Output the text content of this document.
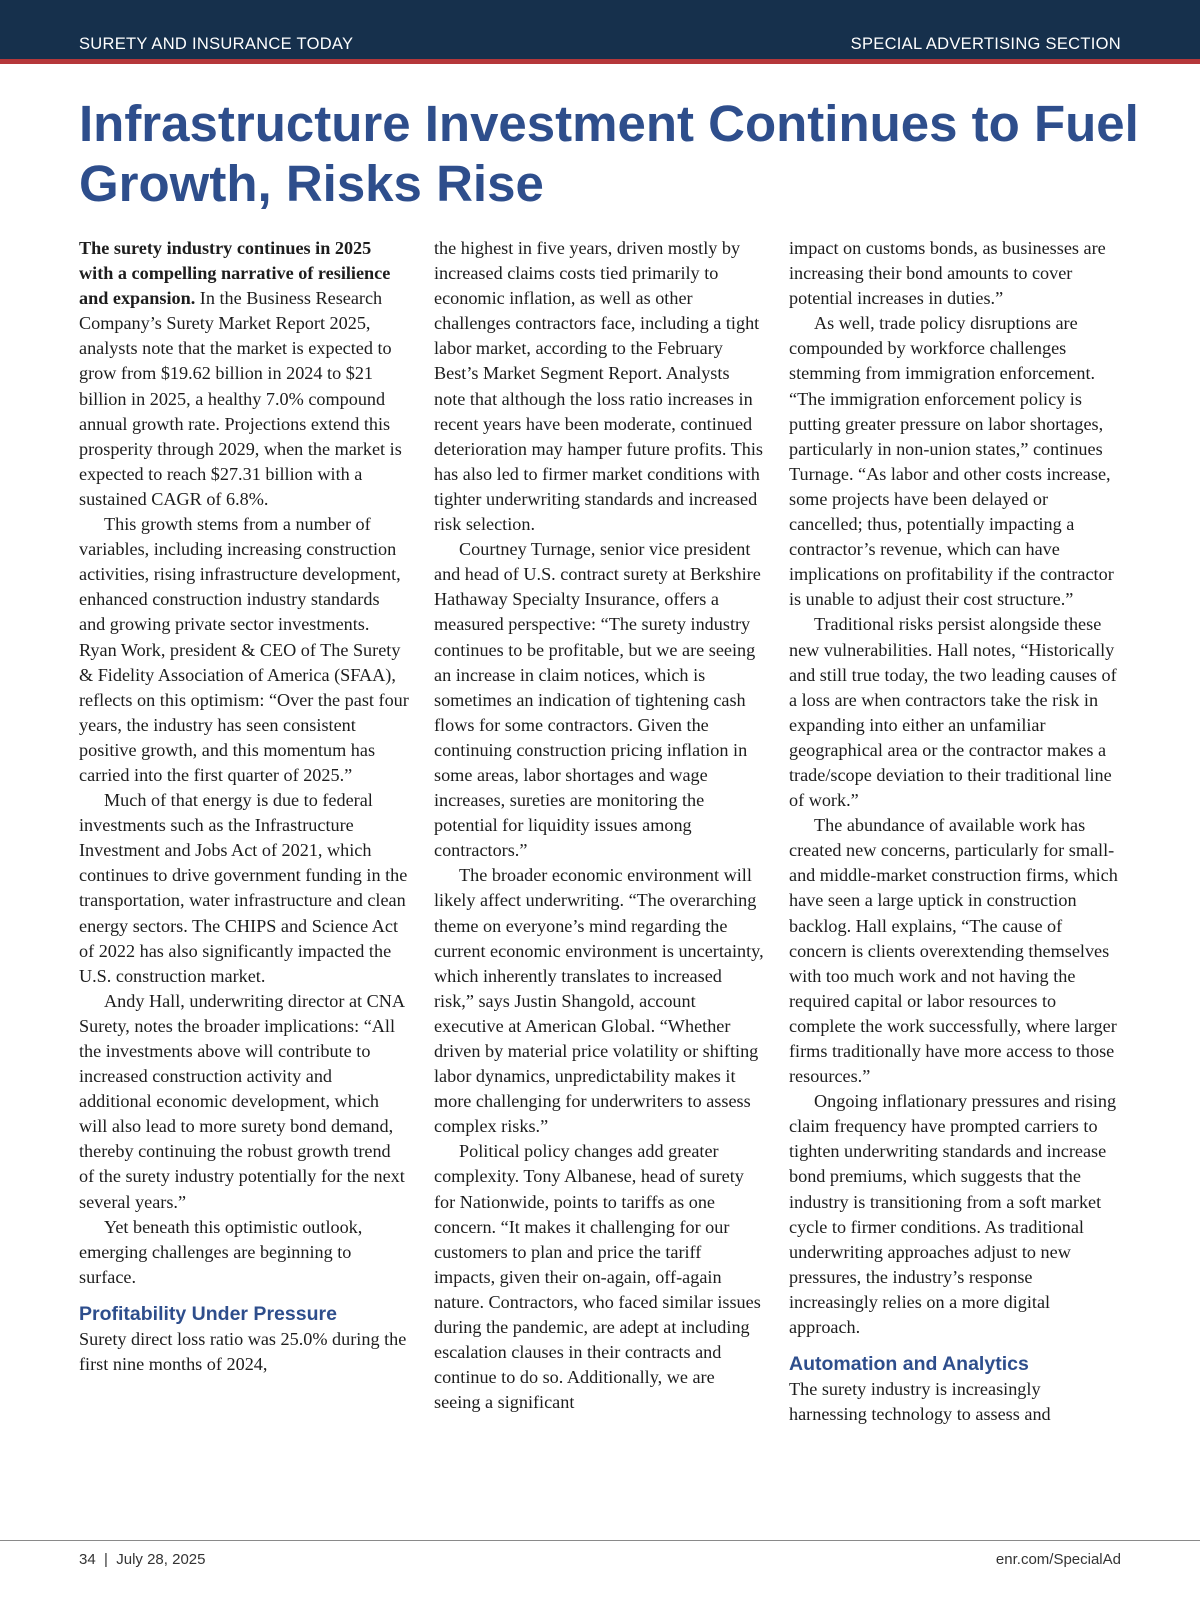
SURETY AND INSURANCE TODAY	SPECIAL ADVERTISING SECTION
Infrastructure Investment Continues to Fuel Growth, Risks Rise

The surety industry continues in 2025 with a compelling narrative of resilience and expansion. In the Business Research Company’s Surety Market Report 2025, analysts note that the market is expected to grow from $19.62 billion in 2024 to $21 billion in 2025, a healthy 7.0% compound annual growth rate. Projections extend this prosperity through 2029, when the market is expected to reach $27.31 billion with a sustained CAGR of 6.8%.

This growth stems from a number of variables, including increasing construction activities, rising infrastructure development, enhanced construction industry standards and growing private sector investments. Ryan Work, president & CEO of The Surety & Fidelity Association of America (SFAA), reflects on this optimism: “Over the past four years, the industry has seen consistent positive growth, and this momentum has carried into the first quarter of 2025.”

Much of that energy is due to federal investments such as the Infrastructure Investment and Jobs Act of 2021, which continues to drive government funding in the transportation, water infrastructure and clean energy sectors. The CHIPS and Science Act of 2022 has also significantly impacted the U.S. construction market.

Andy Hall, underwriting director at CNA Surety, notes the broader implications: “All the investments above will contribute to increased construction activity and additional economic development, which will also lead to more surety bond demand, thereby continuing the robust growth trend of the surety industry potentially for the next several years.”

Yet beneath this optimistic outlook, emerging challenges are beginning to surface.

Profitability Under Pressure

Surety direct loss ratio was 25.0% during the first nine months of 2024,

the highest in five years, driven mostly by increased claims costs tied primarily to economic inflation, as well as other challenges contractors face, including a tight labor market, according to the February Best’s Market Segment Report. Analysts note that although the loss ratio increases in recent years have been moderate, continued deterioration may hamper future profits. This has also led to firmer market conditions with tighter underwriting standards and increased risk selection.

Courtney Turnage, senior vice president and head of U.S. contract surety at Berkshire Hathaway Specialty Insurance, offers a measured perspective: “The surety industry continues to be profitable, but we are seeing an increase in claim notices, which is sometimes an indication of tightening cash flows for some contractors. Given the continuing construction pricing inflation in some areas, labor shortages and wage increases, sureties are monitoring the potential for liquidity issues among contractors.”

The broader economic environment will likely affect underwriting. “The overarching theme on everyone’s mind regarding the current economic environment is uncertainty, which inherently translates to increased risk,” says Justin Shangold, account executive at American Global. “Whether driven by material price volatility or shifting labor dynamics, unpredictability makes it more challenging for underwriters to assess complex risks.”

Political policy changes add greater complexity. Tony Albanese, head of surety for Nationwide, points to tariffs as one concern. “It makes it challenging for our customers to plan and price the tariff impacts, given their on-again, off-again nature. Contractors, who faced similar issues during the pandemic, are adept at including escalation clauses in their contracts and continue to do so. Additionally, we are seeing a significant

impact on customs bonds, as businesses are increasing their bond amounts to cover potential increases in duties.”

As well, trade policy disruptions are compounded by workforce challenges stemming from immigration enforcement. “The immigration enforcement policy is putting greater pressure on labor shortages, particularly in non-union states,” continues Turnage. “As labor and other costs increase, some projects have been delayed or cancelled; thus, potentially impacting a contractor’s revenue, which can have implications on profitability if the contractor is unable to adjust their cost structure.”

Traditional risks persist alongside these new vulnerabilities. Hall notes, “Historically and still true today, the two leading causes of a loss are when contractors take the risk in expanding into either an unfamiliar geographical area or the contractor makes a trade/scope deviation to their traditional line of work.”

The abundance of available work has created new concerns, particularly for small- and middle-market construction firms, which have seen a large uptick in construction backlog. Hall explains, “The cause of concern is clients overextending themselves with too much work and not having the required capital or labor resources to complete the work successfully, where larger firms traditionally have more access to those resources.”

Ongoing inflationary pressures and rising claim frequency have prompted carriers to tighten underwriting standards and increase bond premiums, which suggests that the industry is transitioning from a soft market cycle to firmer conditions. As traditional underwriting approaches adjust to new pressures, the industry’s response increasingly relies on a more digital approach.

Automation and Analytics

The surety industry is increasingly harnessing technology to assess and

34  |  July 28, 2025	enr.com/SpecialAd
